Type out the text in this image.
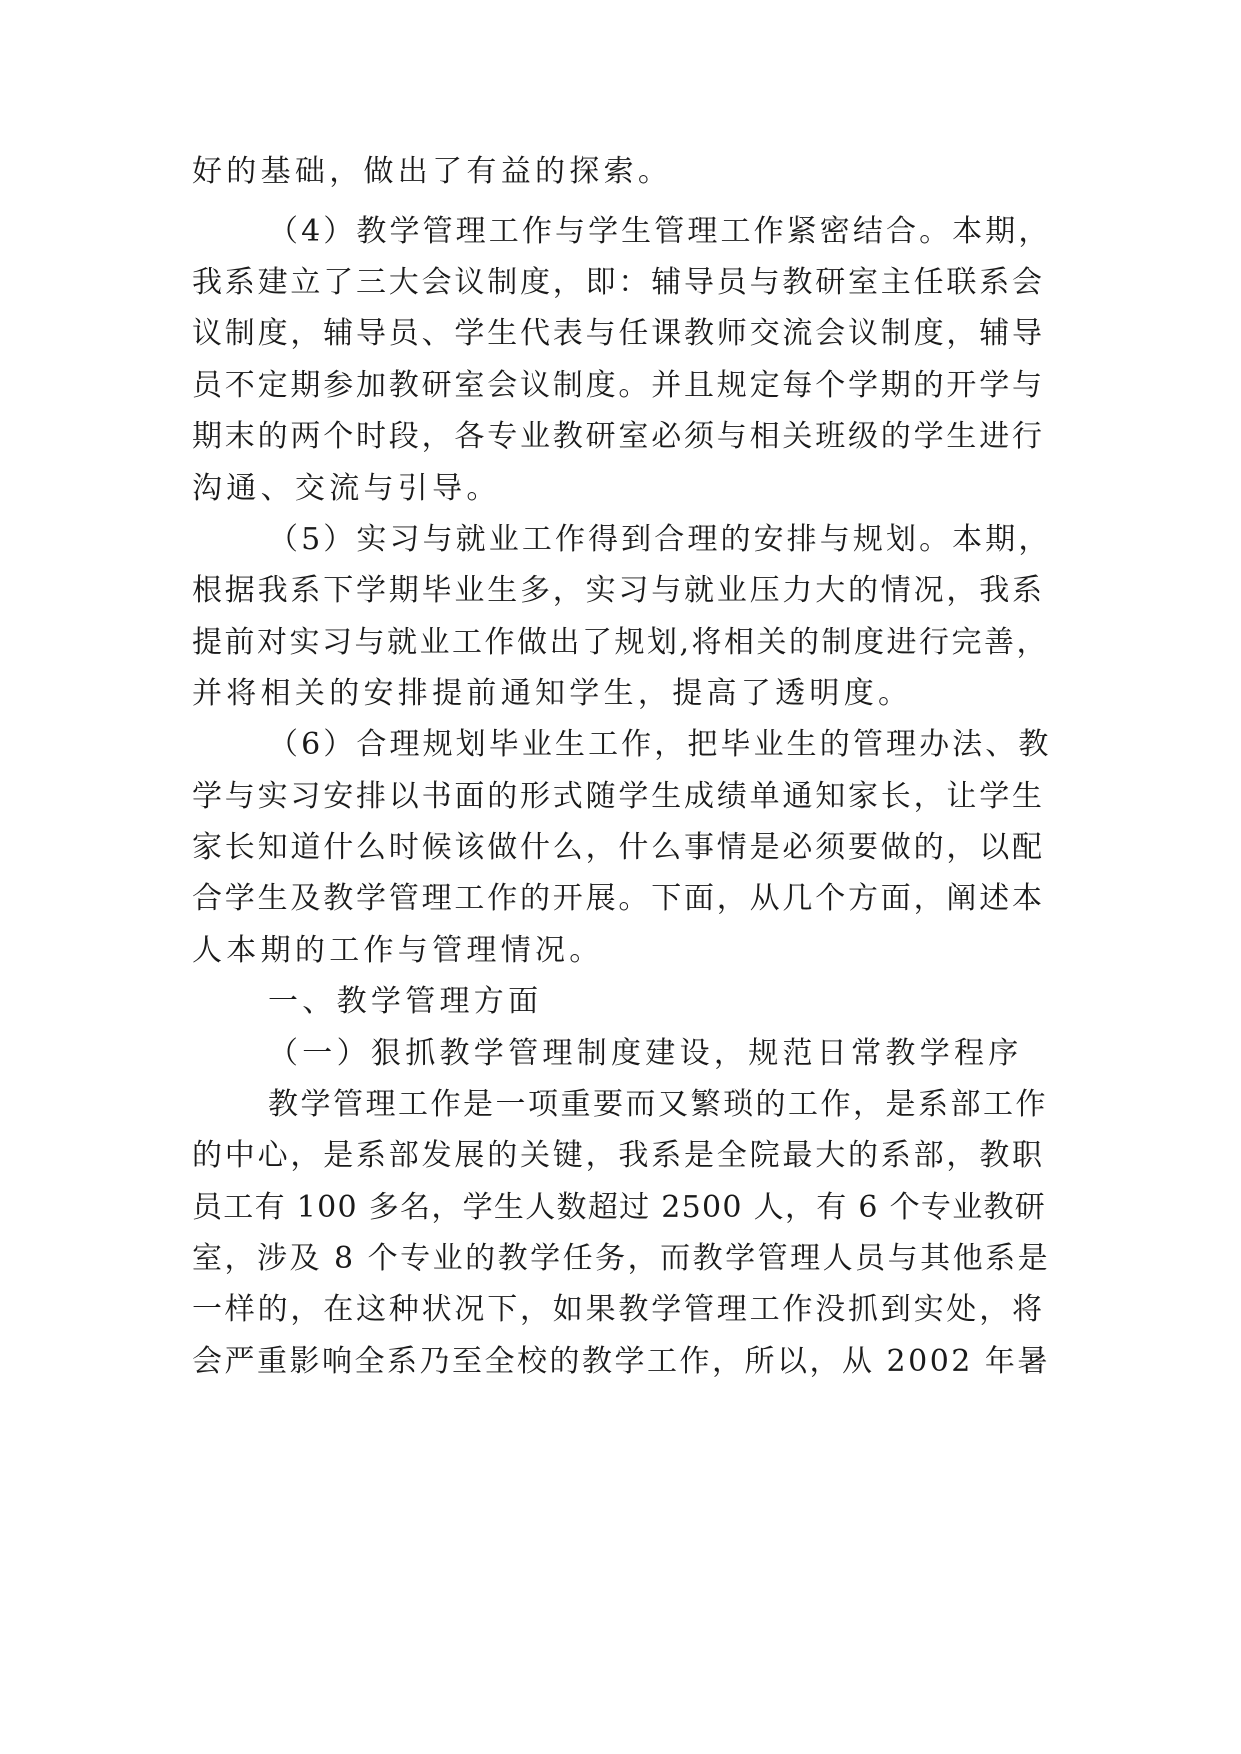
好的基础，做出了有益的探索。
（4）教学管理工作与学生管理工作紧密结合。本期，
我系建立了三大会议制度，即：辅导员与教研室主任联系会
议制度，辅导员、学生代表与任课教师交流会议制度，辅导
员不定期参加教研室会议制度。并且规定每个学期的开学与
期末的两个时段，各专业教研室必须与相关班级的学生进行
沟通、交流与引导。
（5）实习与就业工作得到合理的安排与规划。本期，
根据我系下学期毕业生多，实习与就业压力大的情况，我系
提前对实习与就业工作做出了规划,将相关的制度进行完善，
并将相关的安排提前通知学生，提高了透明度。
（6）合理规划毕业生工作，把毕业生的管理办法、教
学与实习安排以书面的形式随学生成绩单通知家长，让学生
家长知道什么时候该做什么，什么事情是必须要做的，以配
合学生及教学管理工作的开展。下面，从几个方面，阐述本
人本期的工作与管理情况。
一、教学管理方面
（一）狠抓教学管理制度建设，规范日常教学程序
教学管理工作是一项重要而又繁琐的工作，是系部工作
的中心，是系部发展的关键，我系是全院最大的系部，教职
员工有 100 多名，学生人数超过 2500 人，有 6 个专业教研
室，涉及 8 个专业的教学任务，而教学管理人员与其他系是
一样的，在这种状况下，如果教学管理工作没抓到实处，将
会严重影响全系乃至全校的教学工作，所以，从 2002 年暑
